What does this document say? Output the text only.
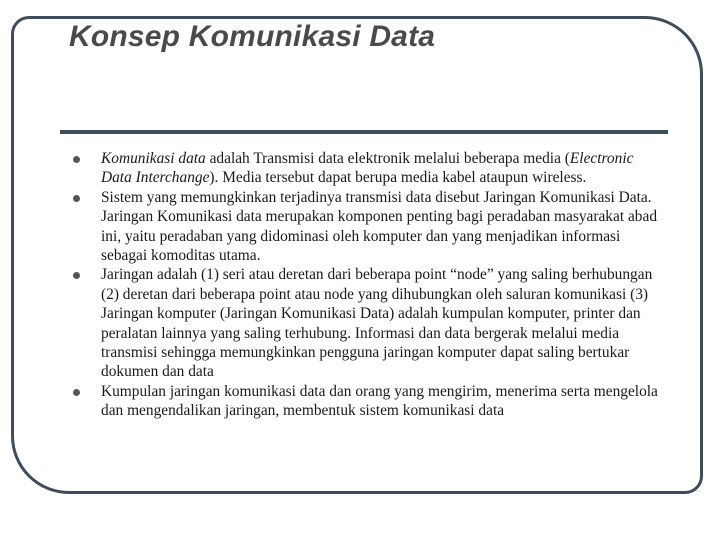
Konsep Komunikasi Data
Komunikasi data adalah Transmisi data elektronik melalui beberapa media (Electronic Data Interchange). Media tersebut dapat berupa media kabel ataupun wireless.
Sistem yang memungkinkan terjadinya transmisi data disebut Jaringan Komunikasi Data. Jaringan Komunikasi data merupakan komponen penting bagi peradaban masyarakat abad ini, yaitu peradaban yang didominasi oleh komputer dan yang menjadikan informasi sebagai komoditas utama.
Jaringan adalah (1) seri atau deretan dari beberapa point “node” yang saling berhubungan (2) deretan dari beberapa point atau node yang dihubungkan oleh saluran komunikasi (3) Jaringan komputer (Jaringan Komunikasi Data) adalah kumpulan komputer, printer dan peralatan lainnya yang saling terhubung. Informasi dan data bergerak melalui media transmisi sehingga memungkinkan pengguna jaringan komputer dapat saling bertukar dokumen dan data
Kumpulan jaringan komunikasi data dan orang yang mengirim, menerima serta mengelola dan mengendalikan jaringan, membentuk sistem komunikasi data
